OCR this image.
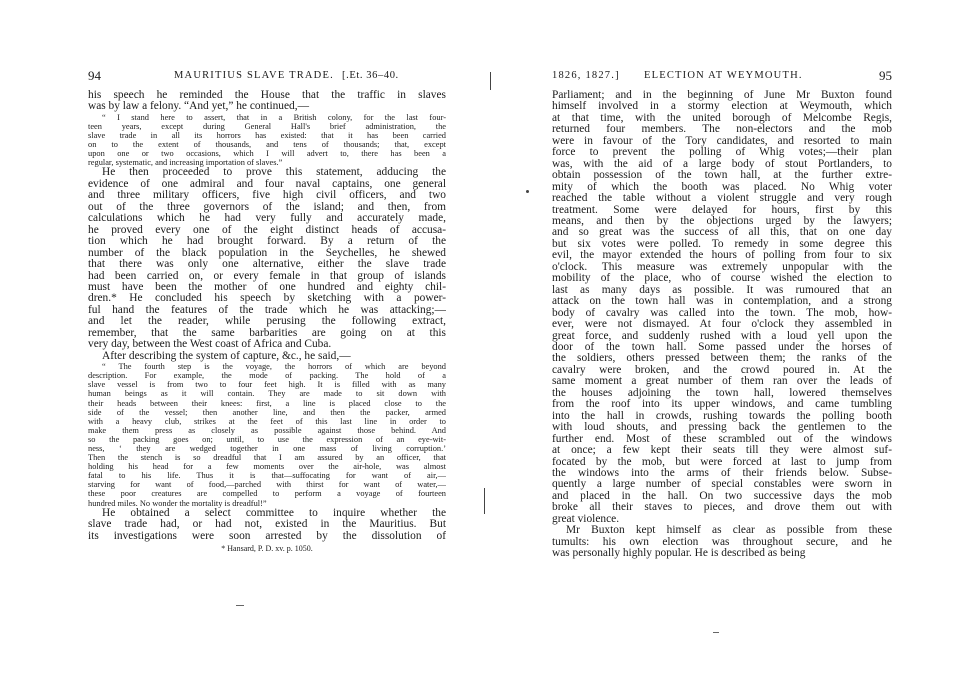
94	MAURITIUS SLAVE TRADE. [.Et. 36–40.
his speech he reminded the House that the traffic in slaves
was by law a felony. “And yet,” he continued,—
“ I stand here to assert, that in a British colony, for the last four-
teen years, except during General Hall's brief administration, the
slave trade in all its horrors has existed: that it has been carried
on to the extent of thousands, and tens of thousands; that, except
upon one or two occasions, which I will advert to, there has been a
regular, systematic, and increasing importation of slaves.”
He then proceeded to prove this statement, adducing the
evidence of one admiral and four naval captains, one general
and three military officers, five high civil officers, and two
out of the three governors of the island; and then, from
calculations which he had very fully and accurately made,
he proved every one of the eight distinct heads of accusa-
tion which he had brought forward. By a return of the
number of the black population in the Seychelles, he shewed
that there was only one alternative, either the slave trade
had been carried on, or every female in that group of islands
must have been the mother of one hundred and eighty chil-
dren.* He concluded his speech by sketching with a power-
ful hand the features of the trade which he was attacking;—
and let the reader, while perusing the following extract,
remember, that the same barbarities are going on at this
very day, between the West coast of Africa and Cuba.
After describing the system of capture, &c., he said,—
“ The fourth step is the voyage, the horrors of which are beyond
description. For example, the mode of packing. The hold of a
slave vessel is from two to four feet high. It is filled with as many
human beings as it will contain. They are made to sit down with
their heads between their knees: first, a line is placed close to the
side of the vessel; then another line, and then the packer, armed
with a heavy club, strikes at the feet of this last line in order to
make them press as closely as possible against those behind. And
so the packing goes on; until, to use the expression of an eye-wit-
ness, ‘ they are wedged together in one mass of living corruption.’
Then the stench is so dreadful that I am assured by an officer, that
holding his head for a few moments over the air-hole, was almost
fatal to his life. Thus it is that—suffocating for want of air,—
starving for want of food,—parched with thirst for want of water,—
these poor creatures are compelled to perform a voyage of fourteen
hundred miles. No wonder the mortality is dreadful!”
He obtained a select committee to inquire whether the
slave trade had, or had not, existed in the Mauritius. But
its investigations were soon arrested by the dissolution of
* Hansard, P. D. xv. p. 1050.
1826, 1827.] ELECTION AT WEYMOUTH.	95
Parliament; and in the beginning of June Mr Buxton found
himself involved in a stormy election at Weymouth, which
at that time, with the united borough of Melcombe Regis,
returned four members. The non-electors and the mob
were in favour of the Tory candidates, and resorted to main
force to prevent the polling of Whig votes;—their plan
was, with the aid of a large body of stout Portlanders, to
obtain possession of the town hall, at the further extre-
mity of which the booth was placed. No Whig voter
reached the table without a violent struggle and very rough
treatment. Some were delayed for hours, first by this
means, and then by the objections urged by the lawyers;
and so great was the success of all this, that on one day
but six votes were polled. To remedy in some degree this
evil, the mayor extended the hours of polling from four to six
o'clock. This measure was extremely unpopular with the
mobility of the place, who of course wished the election to
last as many days as possible. It was rumoured that an
attack on the town hall was in contemplation, and a strong
body of cavalry was called into the town. The mob, how-
ever, were not dismayed. At four o'clock they assembled in
great force, and suddenly rushed with a loud yell upon the
door of the town hall. Some passed under the horses of
the soldiers, others pressed between them; the ranks of the
cavalry were broken, and the crowd poured in. At the
same moment a great number of them ran over the leads of
the houses adjoining the town hall, lowered themselves
from the roof into its upper windows, and came tumbling
into the hall in crowds, rushing towards the polling booth
with loud shouts, and pressing back the gentlemen to the
further end. Most of these scrambled out of the windows
at once; a few kept their seats till they were almost suf-
focated by the mob, but were forced at last to jump from
the windows into the arms of their friends below. Subse-
quently a large number of special constables were sworn in
and placed in the hall. On two successive days the mob
broke all their staves to pieces, and drove them out with
great violence.
Mr Buxton kept himself as clear as possible from these
tumults: his own election was throughout secure, and he
was personally highly popular. He is described as being
